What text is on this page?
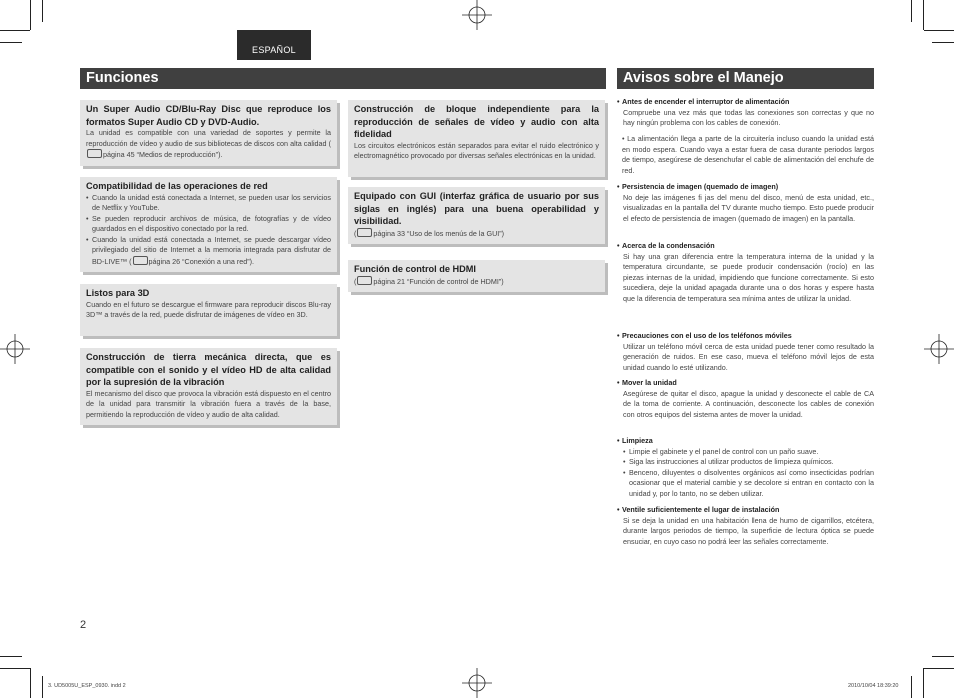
ESPAÑOL
Funciones	Avisos sobre el Manejo
Un Super Audio CD/Blu-Ray Disc que reproduce los formatos Super Audio CD y DVD-Audio.
La unidad es compatible con una variedad de soportes y permite la reproducción de vídeo y audio de sus bibliotecas de discos con alta calidad (página 45 “Medios de reproducción”).
Compatibilidad de las operaciones de red
• Cuando la unidad está conectada a Internet, se pueden usar los servicios de Netflix y YouTube.
• Se pueden reproducir archivos de música, de fotografías y de vídeo guardados en el dispositivo conectado por la red.
• Cuando la unidad está conectada a Internet, se puede descargar vídeo privilegiado del sitio de Internet a la memoria integrada para disfrutar de BD-LIVE™ ( página 26 “Conexión a una red”).
Listos para 3D
Cuando en el futuro se descargue el firmware para reproducir discos Blu-ray 3D™ a través de la red, puede disfrutar de imágenes de vídeo en 3D.
Construcción de tierra mecánica directa, que es compatible con el sonido y el vídeo HD de alta calidad por la supresión de la vibración
El mecanismo del disco que provoca la vibración está dispuesto en el centro de la unidad para transmitir la vibración fuera a través de la base, permitiendo la reproducción de vídeo y audio de alta calidad.
Construcción de bloque independiente para la reproducción de señales de vídeo y audio con alta fidelidad
Los circuitos electrónicos están separados para evitar el ruido electrónico y electromagnético provocado por diversas señales electrónicas en la unidad.
Equipado con GUI (interfaz gráfica de usuario por sus siglas en inglés) para una buena operabilidad y visibilidad.
( página 33 “Uso de los menús de la GUI”)
Función de control de HDMI
( página 21 “Función de control de HDMI”)
• Antes de encender el interruptor de alimentación
Compruebe una vez más que todas las conexiones son correctas y que no hay ningún problema con los cables de conexión.
• La alimentación llega a parte de la circuitería incluso cuando la unidad está en modo espera. Cuando vaya a estar fuera de casa durante periodos largos de tiempo, asegúrese de desenchufar el cable de alimentación del enchufe de red.
• Persistencia de imagen (quemado de imagen)
No deje las imágenes fi jas del menu del disco, menú de esta unidad, etc., visualizadas en la pantalla del TV durante mucho tiempo. Esto puede producir el efecto de persistencia de imagen (quemado de imagen) en la pantalla.
• Acerca de la condensación
Si hay una gran diferencia entre la temperatura interna de la unidad y la temperatura circundante, se puede producir condensación (rocío) en las piezas internas de la unidad, impidiendo que funcione correctamente. Si esto sucediera, deje la unidad apagada durante una o dos horas y espere hasta que la diferencia de temperatura sea mínima antes de utilizar la unidad.
• Precauciones con el uso de los teléfonos móviles
Utilizar un teléfono móvil cerca de esta unidad puede tener como resultado la generación de ruidos. En ese caso, mueva el teléfono móvil lejos de esta unidad cuando lo esté utilizando.
• Mover la unidad
Asegúrese de quitar el disco, apague la unidad y desconecte el cable de CA de la toma de corriente. A continuación, desconecte los cables de conexión con otros equipos del sistema antes de mover la unidad.
• Limpieza
• Limpie el gabinete y el panel de control con un paño suave.
• Siga las instrucciones al utilizar productos de limpieza químicos.
• Benceno, diluyentes o disolventes orgánicos así como insecticidas podrían ocasionar que el material cambie y se decolore si entran en contacto con la unidad y, por lo tanto, no se deben utilizar.
• Ventile suficientemente el lugar de instalación
Si se deja la unidad en una habitación llena de humo de cigarrillos, etcétera, durante largos periodos de tiempo, la superficie de lectura óptica se puede ensuciar, en cuyo caso no podrá leer las señales correctamente.
2
3. UD5005U_ESP_0930. indd 2	2010/10/04 18:39:20
